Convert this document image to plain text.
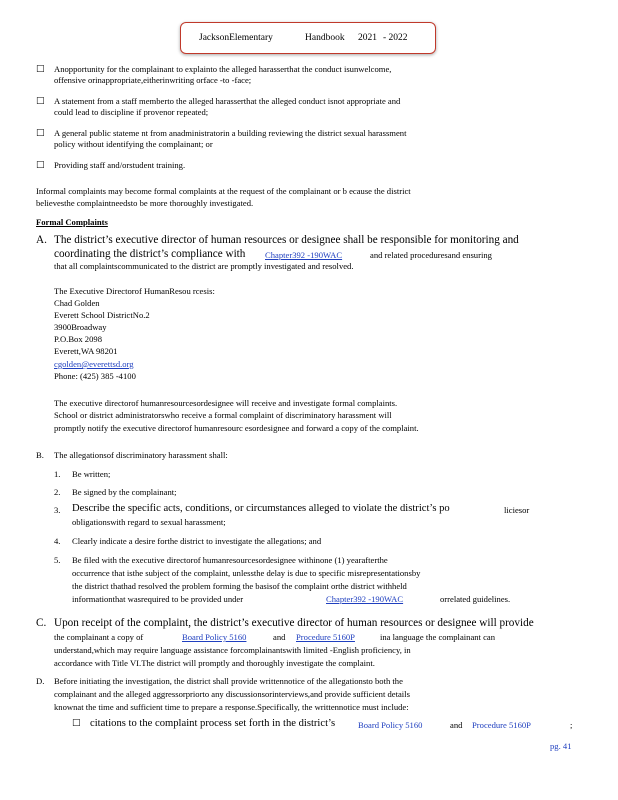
JacksonElementary	Handbook 2021 - 2022
□ Anopportunity for the complainant to explainto the alleged harasserthat the conduct isunwelcome,
offensive orinappropriate,eitherinwriting orface -to -face;
□ A statement from a staff memberto the alleged harasserthat the alleged conduct isnot appropriate and
could lead to discipline if provenor repeated;
□ A general public stateme nt from anadministratorin a building reviewing the district sexual harassment
policy without identifying the complainant; or
□ Providing staff and/orstudent training.
Informal complaints may become formal complaints at the request of the complainant or b ecause the district
believesthe complaintneedsto be more thoroughly investigated.
Formal Complaints
A. The district’s executive director of human resources or designee shall be responsible for monitoring and
coordinating the district’s compliance with Chapter392 -190WAC	and related proceduresand ensuring
that all complaintscommunicated to the district are promptly investigated and resolved.
The Executive Directorof HumanResou rcesis:
Chad Golden
Everett School DistrictNo.2
3900Broadway
P.O.Box 2098
Everett,WA 98201
cgolden@everettsd.org
Phone: (425) 385 -4100
The executive directorof humanresourcesordesignee will receive and investigate formal complaints.
School or district administratorswho receive a formal complaint of discriminatory harassment will
promptly notify the executive directorof humanresourc esordesignee and forward a copy of the complaint.
B. The allegationsof discriminatory harassment shall:
1. Be written;
2. Be signed by the complainant;
3. Describe the specific acts, conditions, or circumstances alleged to violate the district’s po	liciesor
obligationswith regard to sexual harassment;
4. Clearly indicate a desire forthe district to investigate the allegations; and
5. Be filed with the executive directorof humanresourcesordesignee withinone (1) yearafterthe
occurrence that isthe subject of the complaint, unlessthe delay is due to specific misrepresentationsby
the district thathad resolved the problem forming the basisof the complaint orthe district withheld
informationthat wasrequired to be provided under	Chapter392 -190WAC	orrelated guidelines.
C. Upon receipt of the complaint, the district’s executive director of human resources or designee will provide
the complainant a copy of	Board Policy 5160	and Procedure 5160P	ina language the complainant can
understand,which may require language assistance forcomplainantswith limited -English proficiency, in
accordance with Title VI.The district will promptly and thoroughly investigate the complaint.
D. Before initiating the investigation, the district shall provide writtennotice of the allegationsto both the
complainant and the alleged aggressorpriorto any discussionsorinterviews,and provide sufficient details
knownat the time and sufficient time to prepare a response.Specifically, the writtennotice must include:
□ citations to the complaint process set forth in the district’s	Board Policy 5160	and Procedure 5160P	;
pg. 41
